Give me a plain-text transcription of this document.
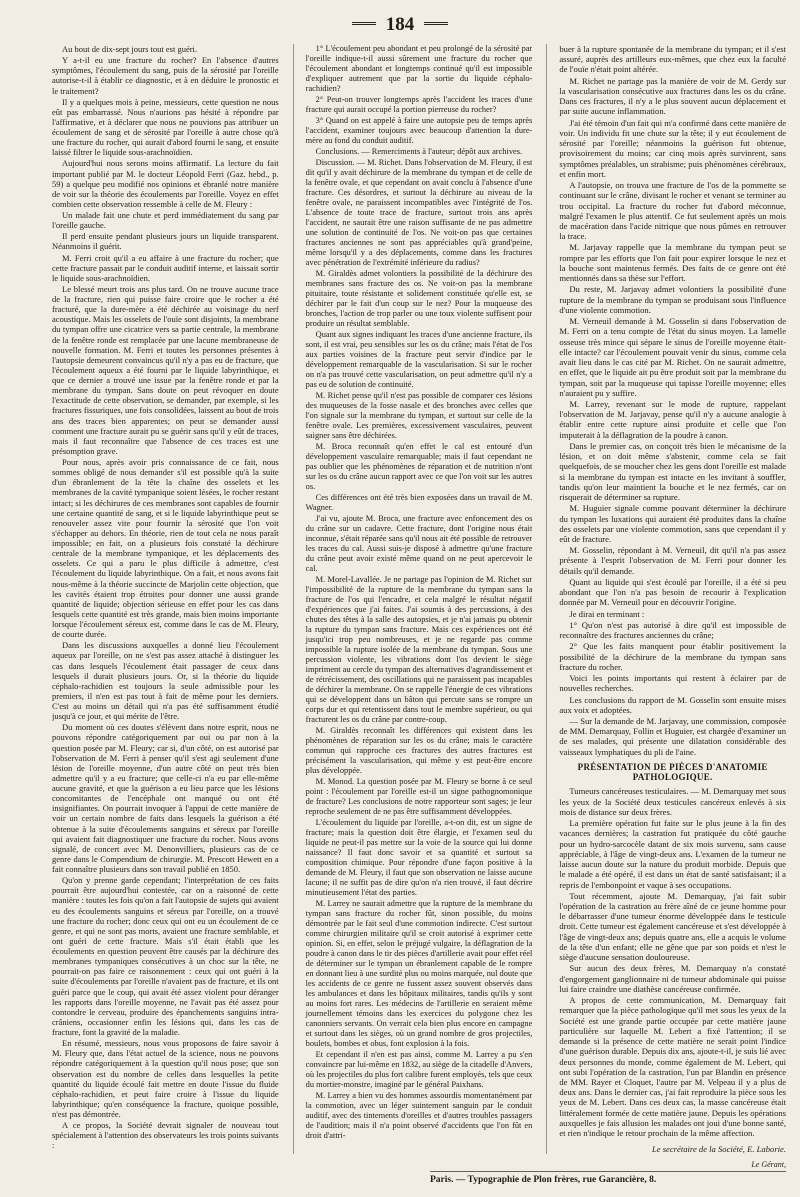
184

Au bout de dix-sept jours tout est guéri.

Y a-t-il eu une fracture du rocher? En l'absence d'autres symptômes, l'écoulement du sang, puis de la sérosité par l'oreille autorise-t-il à établir ce diagnostic, et à en déduire le pronostic et le traitement?

Il y a quelques mois à peine, messieurs, cette question ne nous eût pas embarrassé. Nous n'aurions pas hésité à répondre par l'affirmative, et à déclarer que nous ne pouvions pas attribuer un écoulement de sang et de sérosité par l'oreille à autre chose qu'à une fracture du rocher, qui aurait d'abord fourni le sang, et ensuite laissé filtrer le liquide sous-arachnoïdien.

Aujourd'hui nous serons moins affirmatif. La lecture du fait important publié par M. le docteur Léopold Ferri (Gaz. hebd., p. 59) a quelque peu modifié nos opinions et ébranlé notre manière de voir sur la théorie des écoulements par l'oreille. Voyez en effet combien cette observation ressemble à celle de M. Fleury :

Un malade fait une chute et perd immédiatement du sang par l'oreille gauche.

Il perd ensuite pendant plusieurs jours un liquide transparent. Néanmoins il guérit.

M. Ferri croit qu'il a eu affaire à une fracture du rocher; que cette fracture passait par le conduit auditif interne, et laissait sortir le liquide sous-arachnoïdien.

Le blessé meurt trois ans plus tard. On ne trouve aucune trace de la fracture, rien qui puisse faire croire que le rocher a été fracturé, que la dure-mère a été déchirée au voisinage du nerf acoustique. Mais les osselets de l'ouïe sont disjoints, la membrane du tympan offre une cicatrice vers sa partie centrale, la membrane de la fenêtre ronde est remplacée par une lacune membraneuse de nouvelle formation. M. Ferri et toutes les personnes présentes à l'autopsie demeurent convaincus qu'il n'y a pas eu de fracture, que l'écoulement aqueux a été fourni par le liquide labyrinthique, et que ce dernier a trouvé une issue par la fenêtre ronde et par la membrane du tympan. Sans doute on peut révoquer en doute l'exactitude de cette observation, se demander, par exemple, si les fractures fissuriques, une fois consolidées, laissent au bout de trois ans des traces bien apparentes; on peut se demander aussi comment une fracture aurait pu se guérir sans qu'il y eût de traces, mais il faut reconnaître que l'absence de ces traces est une présomption grave.

Pour nous, après avoir pris connaissance de ce fait, nous sommes obligé de nous demander s'il est possible qu'à la suite d'un ébranlement de la tête la chaîne des osselets et les membranes de la cavité tympanique soient lésées, le rocher restant intact; si les déchirures de ces membranes sont capables de fournir une certaine quantité de sang, et si le liquide labyrinthique peut se renouveler assez vite pour fournir la sérosité que l'on voit s'échapper au dehors. En théorie, rien de tout cela ne nous paraît impossible; en fait, on a plusieurs fois constaté la déchirure centrale de la membrane tympanique, et les déplacements des osselets. Ce qui a paru le plus difficile à admettre, c'est l'écoulement du liquide labyrinthique. On a fait, et nous avons fait nous-même à la théorie succincte de Marjolin cette objection, que les cavités étaient trop étroites pour donner une aussi grande quantité de liquide; objection sérieuse en effet pour les cas dans lesquels cette quantité est très grande, mais bien moins importante lorsque l'écoulement séreux est, comme dans le cas de M. Fleury, de courte durée.

Dans les discussions auxquelles a donné lieu l'écoulement aqueux par l'oreille, on ne s'est pas assez attaché à distinguer les cas dans lesquels l'écoulement était passager de ceux dans lesquels il durait plusieurs jours. Or, si la théorie du liquide céphalo-rachidien est toujours la seule admissible pour les premiers, il n'en est pas tout à fait de même pour les derniers. C'est au moins un détail qui n'a pas été suffisamment étudié jusqu'à ce jour, et qui mérite de l'être.

Du moment où ces doutes s'élèvent dans notre esprit, nous ne pouvons répondre catégoriquement par oui ou par non à la question posée par M. Fleury; car si, d'un côté, on est autorisé par l'observation de M. Ferri à penser qu'il s'est agi seulement d'une lésion de l'oreille moyenne, d'un autre côté on peut très bien admettre qu'il y a eu fracture; que celle-ci n'a eu par elle-même aucune gravité, et que la guérison a eu lieu parce que les lésions concomitantes de l'encéphale ont manqué ou ont été insignifiantes. On pourrait invoquer à l'appui de cette manière de voir un certain nombre de faits dans lesquels la guérison a été obtenue à la suite d'écoulements sanguins et séreux par l'oreille qui avaient fait diagnostiquer une fracture du rocher. Nous avons signalé, de concert avec M. Denonvilliers, plusieurs cas de ce genre dans le Compendium de chirurgie. M. Prescott Hewett en a fait connaître plusieurs dans son travail publié en 1850.

Qu'on y prenne garde cependant; l'interprétation de ces faits pourrait être aujourd'hui contestée, car on a raisonné de cette manière : toutes les fois qu'on a fait l'autopsie de sujets qui avaient eu des écoulements sanguins et séreux par l'oreille, on a trouvé une fracture du rocher; donc ceux qui ont eu un écoulement de ce genre, et qui ne sont pas morts, avaient une fracture semblable, et ont guéri de cette fracture. Mais s'il était établi que les écoulements en question peuvent être causés par la déchirure des membranes tympaniques consécutives à un choc sur la tête, ne pourrait-on pas faire ce raisonnement : ceux qui ont guéri à la suite d'écoulements par l'oreille n'avaient pas de fracture, et ils ont guéri parce que le coup, qui avait été assez violent pour déranger les rapports dans l'oreille moyenne, ne l'avait pas été assez pour contondre le cerveau, produire des épanchements sanguins intra-crâniens, occasionner enfin les lésions qui, dans les cas de fracture, font la gravité de la maladie.

En résumé, messieurs, nous vous proposons de faire savoir à M. Fleury que, dans l'état actuel de la science, nous ne pouvons répondre catégoriquement à la question qu'il nous pose; que son observation est du nombre de celles dans lesquelles la petite quantité du liquide écoulé fait mettre en doute l'issue du fluide céphalo-rachidien, et peut faire croire à l'issue du liquide labyrinthique; qu'en conséquence la fracture, quoique possible, n'est pas démontrée.

A ce propos, la Société devrait signaler de nouveau tout spécialement à l'attention des observateurs les trois points suivants :

1° L'écoulement peu abondant et peu prolongé de la sérosité par l'oreille indique-t-il aussi sûrement une fracture du rocher que l'écoulement abondant et longtemps continué qu'il est impossible d'expliquer autrement que par la sortie du liquide céphalo-rachidien?

2° Peut-on trouver longtemps après l'accident les traces d'une fracture qui aurait occupé la portion pierreuse du rocher?

3° Quand on est appelé à faire une autopsie peu de temps après l'accident, examiner toujours avec beaucoup d'attention la dure-mère au fond du conduit auditif.

Conclusions. — Remerciments à l'auteur; dépôt aux archives.

Discussion. — M. Richet. Dans l'observation de M. Fleury, il est dit qu'il y avait déchirure de la membrane du tympan et de celle de la fenêtre ovale, et que cependant on avait conclu à l'absence d'une fracture. Ces désordres, et surtout la déchirure au niveau de la fenêtre ovale, ne paraissent incompatibles avec l'intégrité de l'os. L'absence de toute trace de fracture, surtout trois ans après l'accident, ne saurait être une raison suffisante de ne pas admettre une solution de continuité de l'os. Ne voit-on pas que certaines fractures anciennes ne sont pas appréciables qu'à grand'peine, même lorsqu'il y a des déplacements, comme dans les fractures avec pénétration de l'extrémité inférieure du radius?

M. Giraldès admet volontiers la possibilité de la déchirure des membranes sans fracture des os. Ne voit-on pas la membrane pituitaire, toute résistante et solidement constituée qu'elle est, se déchirer par le fait d'un coup sur le nez? Pour la muqueuse des bronches, l'action de trop parler ou une toux violente suffisent pour produire un résultat semblable.

Quant aux signes indiquant les traces d'une ancienne fracture, ils sont, il est vrai, peu sensibles sur les os du crâne; mais l'état de l'os aux parties voisines de la fracture peut servir d'indice par le développement remarquable de la vascularisation. Si sur le rocher on n'a pas trouvé cette vascularisation, on peut admettre qu'il n'y a pas eu de solution de continuité.

M. Richet pense qu'il n'est pas possible de comparer ces lésions des muqueuses de la fosse nasale et des bronches avec celles que l'on signale sur la membrane du tympan, et surtout sur celle de la fenêtre ovale. Les premières, excessivement vasculaires, peuvent saigner sans être déchirées.

M. Broca reconnaît qu'en effet le cal est entouré d'un développement vasculaire remarquable; mais il faut cependant ne pas oublier que les phénomènes de réparation et de nutrition n'ont sur les os du crâne aucun rapport avec ce que l'on voit sur les autres os.

Ces différences ont été très bien exposées dans un travail de M. Wagner.

J'ai vu, ajoute M. Broca, une fracture avec enfoncement des os du crâne sur un cadavre. Cette fracture, dont l'origine nous était inconnue, s'était réparée sans qu'il nous ait été possible de retrouver les traces du cal. Aussi suis-je disposé à admettre qu'une fracture du crâne peut avoir existé même quand on ne peut apercevoir le cal.

M. Morel-Lavallée. Je ne partage pas l'opinion de M. Richet sur l'impossibilité de la rupture de la membrane du tympan sans la fracture de l'os qui l'encadre, et cela malgré le résultat négatif d'expériences que j'ai faites. J'ai soumis à des percussions, à des chutes des têtes à la salle des autopsies, et je n'ai jamais pu obtenir la rupture du tympan sans fracture. Mais ces expériences ont été jusqu'ici trop peu nombreuses, et je ne regarde pas comme impossible la rupture isolée de la membrane du tympan. Sous une percussion violente, les vibrations dont l'os devient le siège impriment au cercle du tympan des alternatives d'agrandissement et de rétrécissement, des oscillations qui ne paraissent pas incapables de déchirer la membrane. On se rappelle l'énergie de ces vibrations qui se développent dans un bâton qui percute sans se rompre un corps dur et qui retentissent dans tout le membre supérieur, ou qui fracturent les os du crâne par contre-coup.

M. Giraldès reconnaît les différences qui existent dans les phénomènes de réparation sur les os du crâne; mais le caractère commun qui rapproche ces fractures des autres fractures est précisément la vascularisation, qui même y est peut-être encore plus développée.

M. Monod. La question posée par M. Fleury se borne à ce seul point : l'écoulement par l'oreille est-il un signe pathognomonique de fracture? Les conclusions de notre rapporteur sont sages; je leur reproche seulement de ne pas être suffisamment développées.

L'écoulement du liquide par l'oreille, a-t-on dit, est un signe de fracture; mais la question doit être élargie, et l'examen seul du liquide ne peut-il pas mettre sur la voie de la source qui lui donne naissance? Il faut donc savoir et sa quantité et surtout sa composition chimique. Pour répondre d'une façon positive à la demande de M. Fleury, il faut que son observation ne laisse aucune lacune; il ne suffit pas de dire qu'on n'a rien trouvé, il faut décrire minutieusement l'état des parties.

M. Larrey ne saurait admettre que la rupture de la membrane du tympan sans fracture du rocher fût, sinon possible, du moins démontrée par le fait seul d'une commotion indirecte. C'est surtout comme chirurgien militaire qu'il se croit autorisé à exprimer cette opinion. Si, en effet, selon le préjugé vulgaire, la déflagration de la poudre à canon dans le tir des pièces d'artillerie avait pour effet réel de déterminer sur le tympan un ébranlement capable de le rompre en donnant lieu à une surdité plus ou moins marquée, nul doute que les accidents de ce genre ne fussent assez souvent observés dans les ambulances et dans les hôpitaux militaires, tandis qu'ils y sont au moins fort rares. Les médecins de l'artillerie en seraient même journellement témoins dans les exercices du polygone chez les canonniers servants. On verrait cela bien plus encore en campagne et surtout dans les sièges, où un grand nombre de gros projectiles, boulets, bombes et obus, font explosion à la fois.

Et cependant il n'en est pas ainsi, comme M. Larrey a pu s'en convaincre par lui-même en 1832, au siège de la citadelle d'Anvers, où les projectiles du plus fort calibre furent employés, tels que ceux du mortier-monstre, imaginé par le général Paixhans.

M. Larrey a bien vu des hommes assourdis momentanément par la commotion, avec un léger suintement sanguin par le conduit auditif, avec des tintements d'oreilles et d'autres troubles passagers de l'audition; mais il n'a point observé d'accidents que l'on fût en droit d'attri-

buer à la rupture spontanée de la membrane du tympan; et il s'est assuré, auprès des artilleurs eux-mêmes, que chez eux la faculté de l'ouïe n'était point altérée.

M. Richet ne partage pas la manière de voir de M. Gerdy sur la vascularisation consécutive aux fractures dans les os du crâne. Dans ces fractures, il n'y a le plus souvent aucun déplacement et par suite aucune inflammation.

J'ai été témoin d'un fait qui m'a confirmé dans cette manière de voir. Un individu fit une chute sur la tête; il y eut écoulement de sérosité par l'oreille; néanmoins la guérison fut obtenue, provisoirement du moins; car cinq mois après survinrent, sans symptômes préalables, un strabisme; puis phénomènes cérébraux, et enfin mort.

A l'autopsie, on trouva une fracture de l'os de la pommette se continuant sur le crâne, divisant le rocher et venant se terminer au trou occipital. La fracture du rocher fut d'abord méconnue, malgré l'examen le plus attentif. Ce fut seulement après un mois de macération dans l'acide nitrique que nous pûmes en retrouver la trace.

M. Jarjavay rappelle que la membrane du tympan peut se rompre par les efforts que l'on fait pour expirer lorsque le nez et la bouche sont maintenus fermés. Des faits de ce genre ont été mentionnés dans sa thèse sur l'effort.

Du reste, M. Jarjavay admet volontiers la possibilité d'une rupture de la membrane du tympan se produisant sous l'influence d'une violente commotion.

M. Verneuil demande à M. Gosselin si dans l'observation de M. Ferri on a tenu compte de l'état du sinus moyen. La lamelle osseuse très mince qui sépare le sinus de l'oreille moyenne était-elle intacte? car l'écoulement pouvait venir du sinus, comme cela avait lieu dans le cas cité par M. Richet. On ne saurait admettre, en effet, que le liquide ait pu être produit soit par la membrane du tympan, soit par la muqueuse qui tapisse l'oreille moyenne; elles n'auraient pu y suffire.

M. Larrey, revenant sur le mode de rupture, rappelant l'observation de M. Jarjavay, pense qu'il n'y a aucune analogie à établir entre cette rupture ainsi produite et celle que l'on imputerait à la déflagration de la poudre à canon.

Dans le premier cas, on conçoit très bien le mécanisme de la lésion, et on doit même s'abstenir, comme cela se fait quelquefois, de se moucher chez les gens dont l'oreille est malade si la membrane du tympan est intacte en les invitant à souffler, tandis qu'on leur maintient la bouche et le nez fermés, car on risquerait de déterminer sa rupture.

M. Huguier signale comme pouvant déterminer la déchirure du tympan les luxations qui auraient été produites dans la chaîne des osselets par une violente commotion, sans que cependant il y eût de fracture.

M. Gosselin, répondant à M. Verneuil, dit qu'il n'a pas assez présente à l'esprit l'observation de M. Ferri pour donner les détails qu'il demande.

Quant au liquide qui s'est écoulé par l'oreille, il a été si peu abondant que l'on n'a pas besoin de recourir à l'explication donnée par M. Verneuil pour en découvrir l'origine.

Je dirai en terminant :

1° Qu'on n'est pas autorisé à dire qu'il est impossible de reconnaître des fractures anciennes du crâne;

2° Que les faits manquent pour établir positivement la possibilité de la déchirure de la membrane du tympan sans fracture du rocher.

Voici les points importants qui restent à éclairer par de nouvelles recherches.

Les conclusions du rapport de M. Gosselin sont ensuite mises aux voix et adoptées.

— Sur la demande de M. Jarjavay, une commission, composée de MM. Demarquay, Follin et Huguier, est chargée d'examiner un de ses malades, qui présente une dilatation considérable des vaisseaux lymphatiques du pli de l'aine.

PRÉSENTATION DE PIÈCES D'ANATOMIE PATHOLOGIQUE.

Tumeurs cancéreuses testiculaires. — M. Demarquay met sous les yeux de la Société deux testicules cancéreux enlevés à six mois de distance sur deux frères.

La première opération fut faite sur le plus jeune à la fin des vacances dernières; la castration fut pratiquée du côté gauche pour un hydro-sarcocèle datant de six mois survenu, sans cause appréciable, à l'âge de vingt-deux ans. L'examen de la tumeur ne laisse aucun doute sur la nature du produit morbide. Depuis que le malade a été opéré, il est dans un état de santé satisfaisant; il a repris de l'embonpoint et vaque à ses occupations.

Tout récemment, ajoute M. Demarquay, j'ai fait subir l'opération de la castration au frère aîné de ce jeune homme pour le débarrasser d'une tumeur énorme développée dans le testicule droit. Cette tumeur est également cancéreuse et s'est développée à l'âge de vingt-deux ans; depuis quatre ans, elle a acquis le volume de la tête d'un enfant; elle ne gêne que par son poids et n'est le siège d'aucune sensation douloureuse.

Sur aucun des deux frères, M. Demarquay n'a constaté d'engorgement ganglionnaire ni de tumeur abdominale qui puisse lui faire craindre une diathèse cancéreuse confirmée.

A propos de cette communication, M. Demarquay fait remarquer que la pièce pathologique qu'il met sous les yeux de la Société est une grande partie occupée par cette matière jaune particulière sur laquelle M. Lebert a fixé l'attention; il se demande si la présence de cette matière ne serait point l'indice d'une guérison durable. Depuis dix ans, ajoute-t-il, je suis lié avec deux personnes du monde, comme également de M. Lebert, qui ont subi l'opération de la castration, l'un par Blandin en présence de MM. Rayer et Cloquet, l'autre par M. Velpeau il y a plus de deux ans. Dans le dernier cas, j'ai fait reproduire la pièce sous les yeux de M. Lebert. Dans ces deux cas, la masse cancéreuse était littéralement formée de cette matière jaune. Depuis les opérations auxquelles je fais allusion les malades ont joui d'une bonne santé, et rien n'indique le retour prochain de la même affection.

Le secrétaire de la Société, E. Laborie.
Le Gérant,
Paris. — Typographie de Plon frères, rue Garancière, 8.
